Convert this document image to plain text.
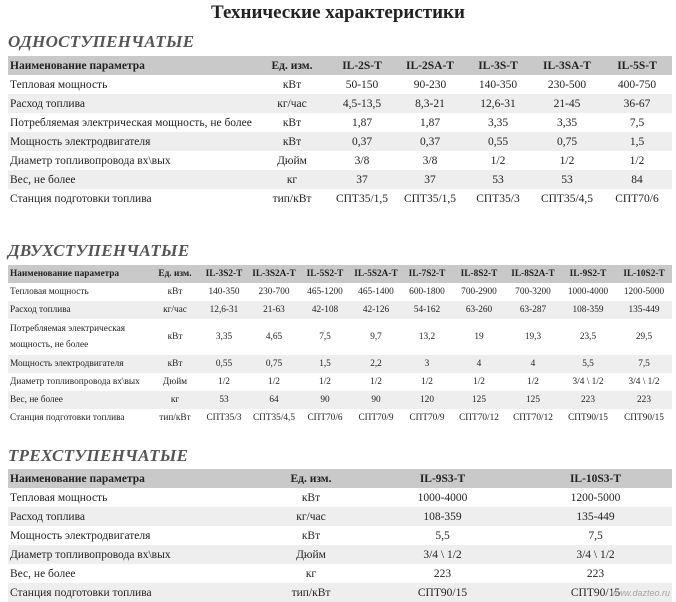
Технические характеристики
ОДНОСТУПЕНЧАТЫЕ
Наименование параметра	Ед. изм.	IL-2S-T	IL-2SA-T	IL-3S-T	IL-3SA-T	IL-5S-T
Тепловая мощность	кВт	50-150	90-230	140-350	230-500	400-750
Расход топлива	кг/час	4,5-13,5	8,3-21	12,6-31	21-45	36-67
Потребляемая электрическая мощность, не более	кВт	1,87	1,87	3,35	3,35	7,5
Мощность электродвигателя	кВт	0,37	0,37	0,55	0,75	1,5
Диаметр топливопровода вх\вых	Дюйм	3/8	3/8	1/2	1/2	1/2
Вес, не более	кг	37	37	53	53	84
Станция подготовки топлива	тип/кВт	СПТ35/1,5	СПТ35/1,5	СПТ35/3	СПТ35/4,5	СПТ70/6
ДВУХСТУПЕНЧАТЫЕ
Наименование параметра	Ед. изм.	IL-3S2-T	IL-3S2A-T	IL-5S2-T	IL-5S2A-T	IL-7S2-T	IL-8S2-T	IL-8S2A-T	IL-9S2-T	IL-10S2-T
Тепловая мощность	кВт	140-350	230-700	465-1200	465-1400	600-1800	700-2900	700-3200	1000-4000	1200-5000
Расход топлива	кг/час	12,6-31	21-63	42-108	42-126	54-162	63-260	63-287	108-359	135-449

Потребляемая электрическая мощность, не более	кВт	3,35	4,65	7,5	9,7	13,2	19	19,3	23,5	29,5
Мощность электродвигателя	кВт	0,55	0,75	1,5	2,2	3	4	4	5,5	7,5
Диаметр топливопровода вх\вых	Дюйм	1/2	1/2	1/2	1/2	1/2	1/2	1/2	3/4 \ 1/2	3/4 \ 1/2
Вес, не более	кг	53	64	90	90	120	125	125	223	223
Станция подготовки топлива	тип/кВт	СПТ35/3	СПТ35/4,5	СПТ70/6	СПТ70/9	СПТ70/9	СПТ70/12	СПТ70/12	СПТ90/15	СПТ90/15
ТРЕХСТУПЕНЧАТЫЕ
Наименование параметра	Ед. изм.	IL-9S3-T	IL-10S3-T
Тепловая мощность	кВт	1000-4000	1200-5000
Расход топлива	кг/час	108-359	135-449
Мощность электродвигателя	кВт	5,5	7,5
Диаметр топливопровода вх\вых	Дюйм	3/4 \ 1/2	3/4 \ 1/2
Вес, не более	кг	223	223
Станция подготовки топлива	тип/кВт	СПТ90/15	СПТ90/15
www.dazteo.ru
